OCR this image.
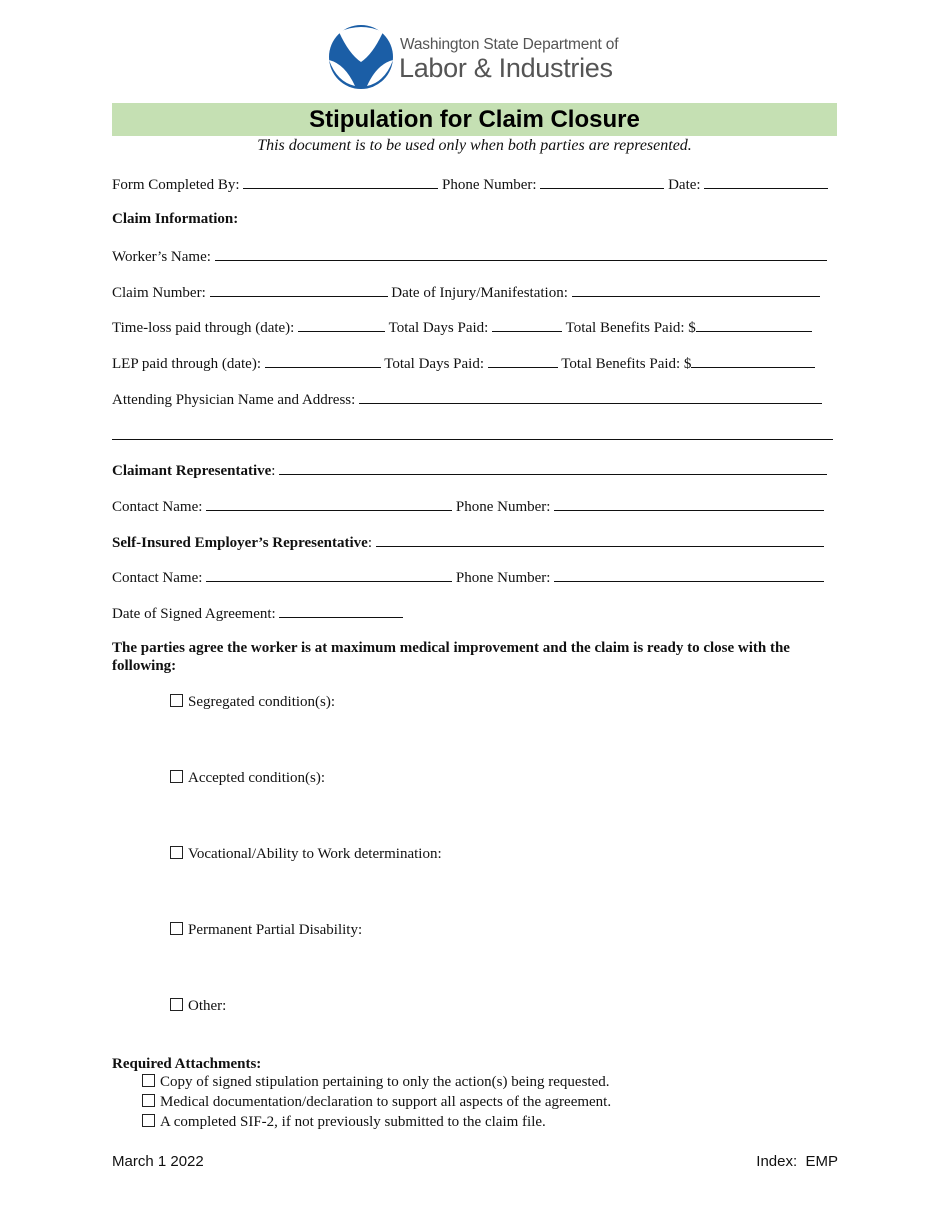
Washington State Department of
Labor & Industries
Stipulation for Claim Closure
This document is to be used only when both parties are represented.
Form Completed By:	Phone Number:	Date:
Claim Information:
Worker’s Name:
Claim Number:	Date of Injury/Manifestation:
Time-loss paid through (date):	Total Days Paid:	Total Benefits Paid: $
LEP paid through (date):	Total Days Paid:	Total Benefits Paid: $
Attending Physician Name and Address:
Claimant Representative:
Contact Name:	Phone Number:
Self-Insured Employer’s Representative:
Contact Name:	Phone Number:
Date of Signed Agreement:
The parties agree the worker is at maximum medical improvement and the claim is ready to close with the following:
Segregated condition(s):
Accepted condition(s):
Vocational/Ability to Work determination:
Permanent Partial Disability:
Other:
Required Attachments:
Copy of signed stipulation pertaining to only the action(s) being requested.
Medical documentation/declaration to support all aspects of the agreement.
A completed SIF-2, if not previously submitted to the claim file.
March 1 2022	Index:  EMP
